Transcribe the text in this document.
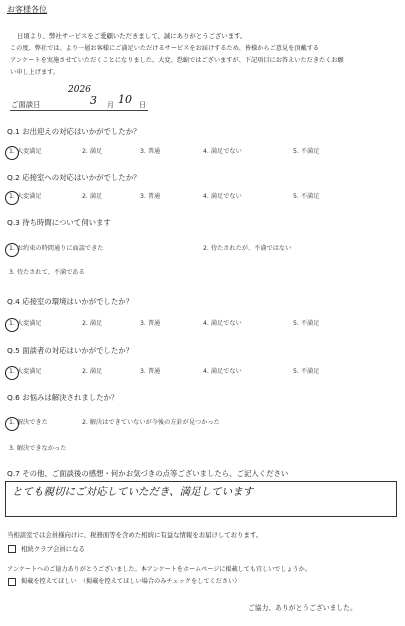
お客様各位
日頃より、弊社サービスをご愛顧いただきまして、誠にありがとうございます。
この度、弊社では、より一層お客様にご満足いただけるサービスをお届けするため、皆様からご意見を頂戴する
アンケートを実施させていただくことになりました。大変、恐縮ではございますが、下記項目にお答えいただきたくお願
い申し上げます。
2026
ご面談日	3 月 10 日
Q.1 お出迎えの対応はいかがでしたか？
1. 大変満足	2. 満足	3. 普通	4. 満足でない	5. 不満足
Q.2 応接室への対応はいかがでしたか？
1. 大変満足	2. 満足	3. 普通	4. 満足でない	5. 不満足
Q.3 待ち時間について伺います
1. お約束の時間通りに面談できた	2. 待たされたが、不満ではない
3. 待たされて、不満である
Q.4 応接室の環境はいかがでしたか？
1. 大変満足	2. 満足	3. 普通	4. 満足でない	5. 不満足
Q.5 面談者の対応はいかがでしたか？
1. 大変満足	2. 満足	3. 普通	4. 満足でない	5. 不満足
Q.6 お悩みは解決されましたか？
1. 解決できた	2. 解決はできていないが今後の方針が見つかった
3. 解決できなかった
Q.7 その他、ご面談後の感想・何かお気づきの点等ございましたら、ご記入ください
とても親切にご対応していただき、満足しています
当相談室では会員様向けに、税務面等を含めた相続に有益な情報をお届けしております。
相続クラブ会員になる
アンケートへのご協力ありがとうございました。本アンケートをホームページに掲載しても宜しいでしょうか。
掲載を控えてほしい　（掲載を控えてほしい場合のみチェックをしてください）
ご協力、ありがとうございました。
